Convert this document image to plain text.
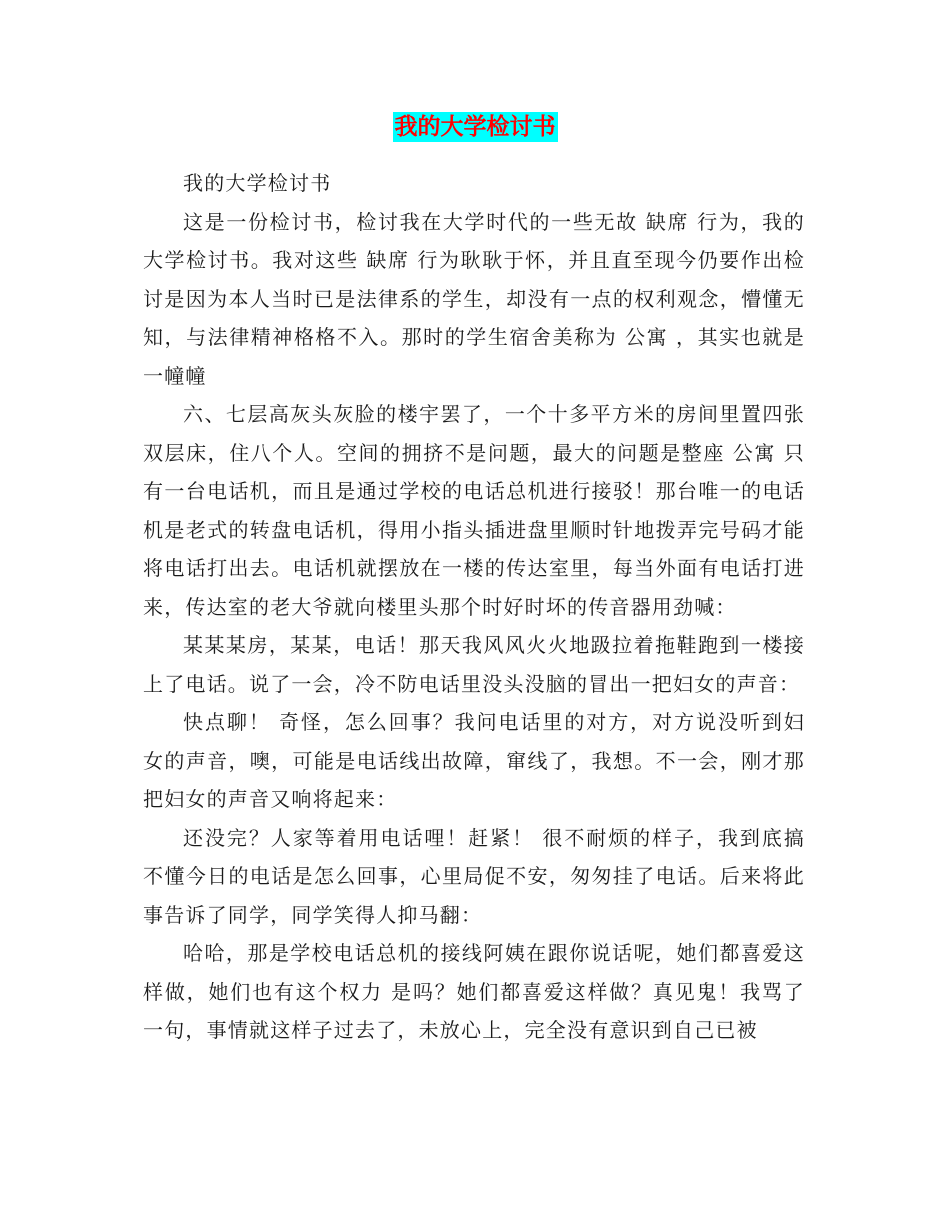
我的大学检讨书

我的大学检讨书

这是一份检讨书，检讨我在大学时代的一些无故 缺席 行为，我的大学检讨书。我对这些 缺席 行为耿耿于怀，并且直至现今仍要作出检讨是因为本人当时已是法律系的学生，却没有一点的权利观念，懵懂无知，与法律精神格格不入。那时的学生宿舍美称为 公寓 ，其实也就是一幢幢

六、七层高灰头灰脸的楼宇罢了，一个十多平方米的房间里置四张双层床，住八个人。空间的拥挤不是问题，最大的问题是整座 公寓 只有一台电话机，而且是通过学校的电话总机进行接驳！那台唯一的电话机是老式的转盘电话机，得用小指头插进盘里顺时针地拨弄完号码才能将电话打出去。电话机就摆放在一楼的传达室里，每当外面有电话打进来，传达室的老大爷就向楼里头那个时好时坏的传音器用劲喊：

某某某房，某某，电话！那天我风风火火地趿拉着拖鞋跑到一楼接上了电话。说了一会，冷不防电话里没头没脑的冒出一把妇女的声音：

快点聊！ 奇怪，怎么回事？我问电话里的对方，对方说没听到妇女的声音，噢，可能是电话线出故障，窜线了，我想。不一会，刚才那把妇女的声音又响将起来：

还没完？人家等着用电话哩！赶紧！ 很不耐烦的样子，我到底搞不懂今日的电话是怎么回事，心里局促不安，匆匆挂了电话。后来将此事告诉了同学，同学笑得人抑马翻：

哈哈，那是学校电话总机的接线阿姨在跟你说话呢，她们都喜爱这样做，她们也有这个权力 是吗？她们都喜爱这样做？真见鬼！我骂了一句，事情就这样子过去了，未放心上，完全没有意识到自己已被
